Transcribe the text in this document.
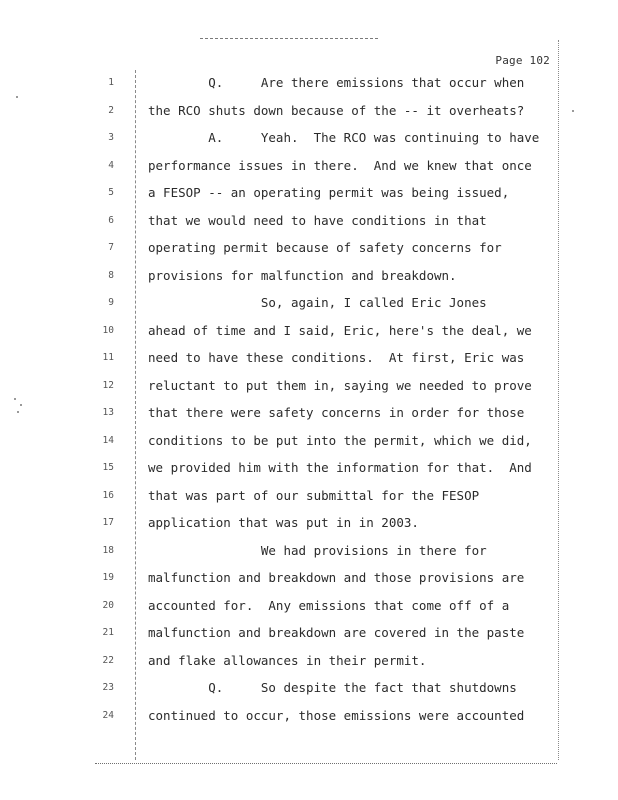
Page 102
1	Q.     Are there emissions that occur when
2	the RCO shuts down because of the -- it overheats?
3	A.     Yeah.  The RCO was continuing to have
4	performance issues in there.  And we knew that once
5	a FESOP -- an operating permit was being issued,
6	that we would need to have conditions in that
7	operating permit because of safety concerns for
8	provisions for malfunction and breakdown.
9	So, again, I called Eric Jones
10	ahead of time and I said, Eric, here's the deal, we
11	need to have these conditions.  At first, Eric was
12	reluctant to put them in, saying we needed to prove
13	that there were safety concerns in order for those
14	conditions to be put into the permit, which we did,
15	we provided him with the information for that.  And
16	that was part of our submittal for the FESOP
17	application that was put in in 2003.
18	We had provisions in there for
19	malfunction and breakdown and those provisions are
20	accounted for.  Any emissions that come off of a
21	malfunction and breakdown are covered in the paste
22	and flake allowances in their permit.
23	Q.     So despite the fact that shutdowns
24	continued to occur, those emissions were accounted
